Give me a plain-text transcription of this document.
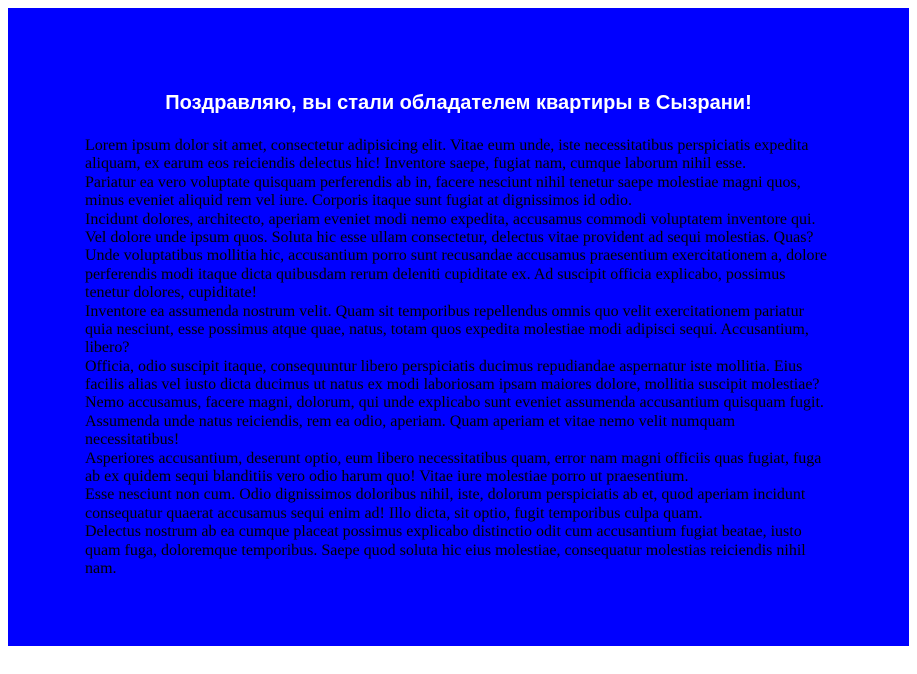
Поздравляю, вы стали обладателем квартиры в Сызрани!
Lorem ipsum dolor sit amet, consectetur adipisicing elit. Vitae eum unde, iste necessitatibus perspiciatis expedita aliquam, ex earum eos reiciendis delectus hic! Inventore saepe, fugiat nam, cumque laborum nihil esse.
Pariatur ea vero voluptate quisquam perferendis ab in, facere nesciunt nihil tenetur saepe molestiae magni quos, minus eveniet aliquid rem vel iure. Corporis itaque sunt fugiat at dignissimos id odio.
Incidunt dolores, architecto, aperiam eveniet modi nemo expedita, accusamus commodi voluptatem inventore qui. Vel dolore unde ipsum quos. Soluta hic esse ullam consectetur, delectus vitae provident ad sequi molestias. Quas?
Unde voluptatibus mollitia hic, accusantium porro sunt recusandae accusamus praesentium exercitationem a, dolore perferendis modi itaque dicta quibusdam rerum deleniti cupiditate ex. Ad suscipit officia explicabo, possimus tenetur dolores, cupiditate!
Inventore ea assumenda nostrum velit. Quam sit temporibus repellendus omnis quo velit exercitationem pariatur quia nesciunt, esse possimus atque quae, natus, totam quos expedita molestiae modi adipisci sequi. Accusantium, libero?
Officia, odio suscipit itaque, consequuntur libero perspiciatis ducimus repudiandae aspernatur iste mollitia. Eius facilis alias vel iusto dicta ducimus ut natus ex modi laboriosam ipsam maiores dolore, mollitia suscipit molestiae?
Nemo accusamus, facere magni, dolorum, qui unde explicabo sunt eveniet assumenda accusantium quisquam fugit. Assumenda unde natus reiciendis, rem ea odio, aperiam. Quam aperiam et vitae nemo velit numquam necessitatibus!
Asperiores accusantium, deserunt optio, eum libero necessitatibus quam, error nam magni officiis quas fugiat, fuga ab ex quidem sequi blanditiis vero odio harum quo! Vitae iure molestiae porro ut praesentium.
Esse nesciunt non cum. Odio dignissimos doloribus nihil, iste, dolorum perspiciatis ab et, quod aperiam incidunt consequatur quaerat accusamus sequi enim ad! Illo dicta, sit optio, fugit temporibus culpa quam.
Delectus nostrum ab ea cumque placeat possimus explicabo distinctio odit cum accusantium fugiat beatae, iusto quam fuga, doloremque temporibus. Saepe quod soluta hic eius molestiae, consequatur molestias reiciendis nihil nam.
